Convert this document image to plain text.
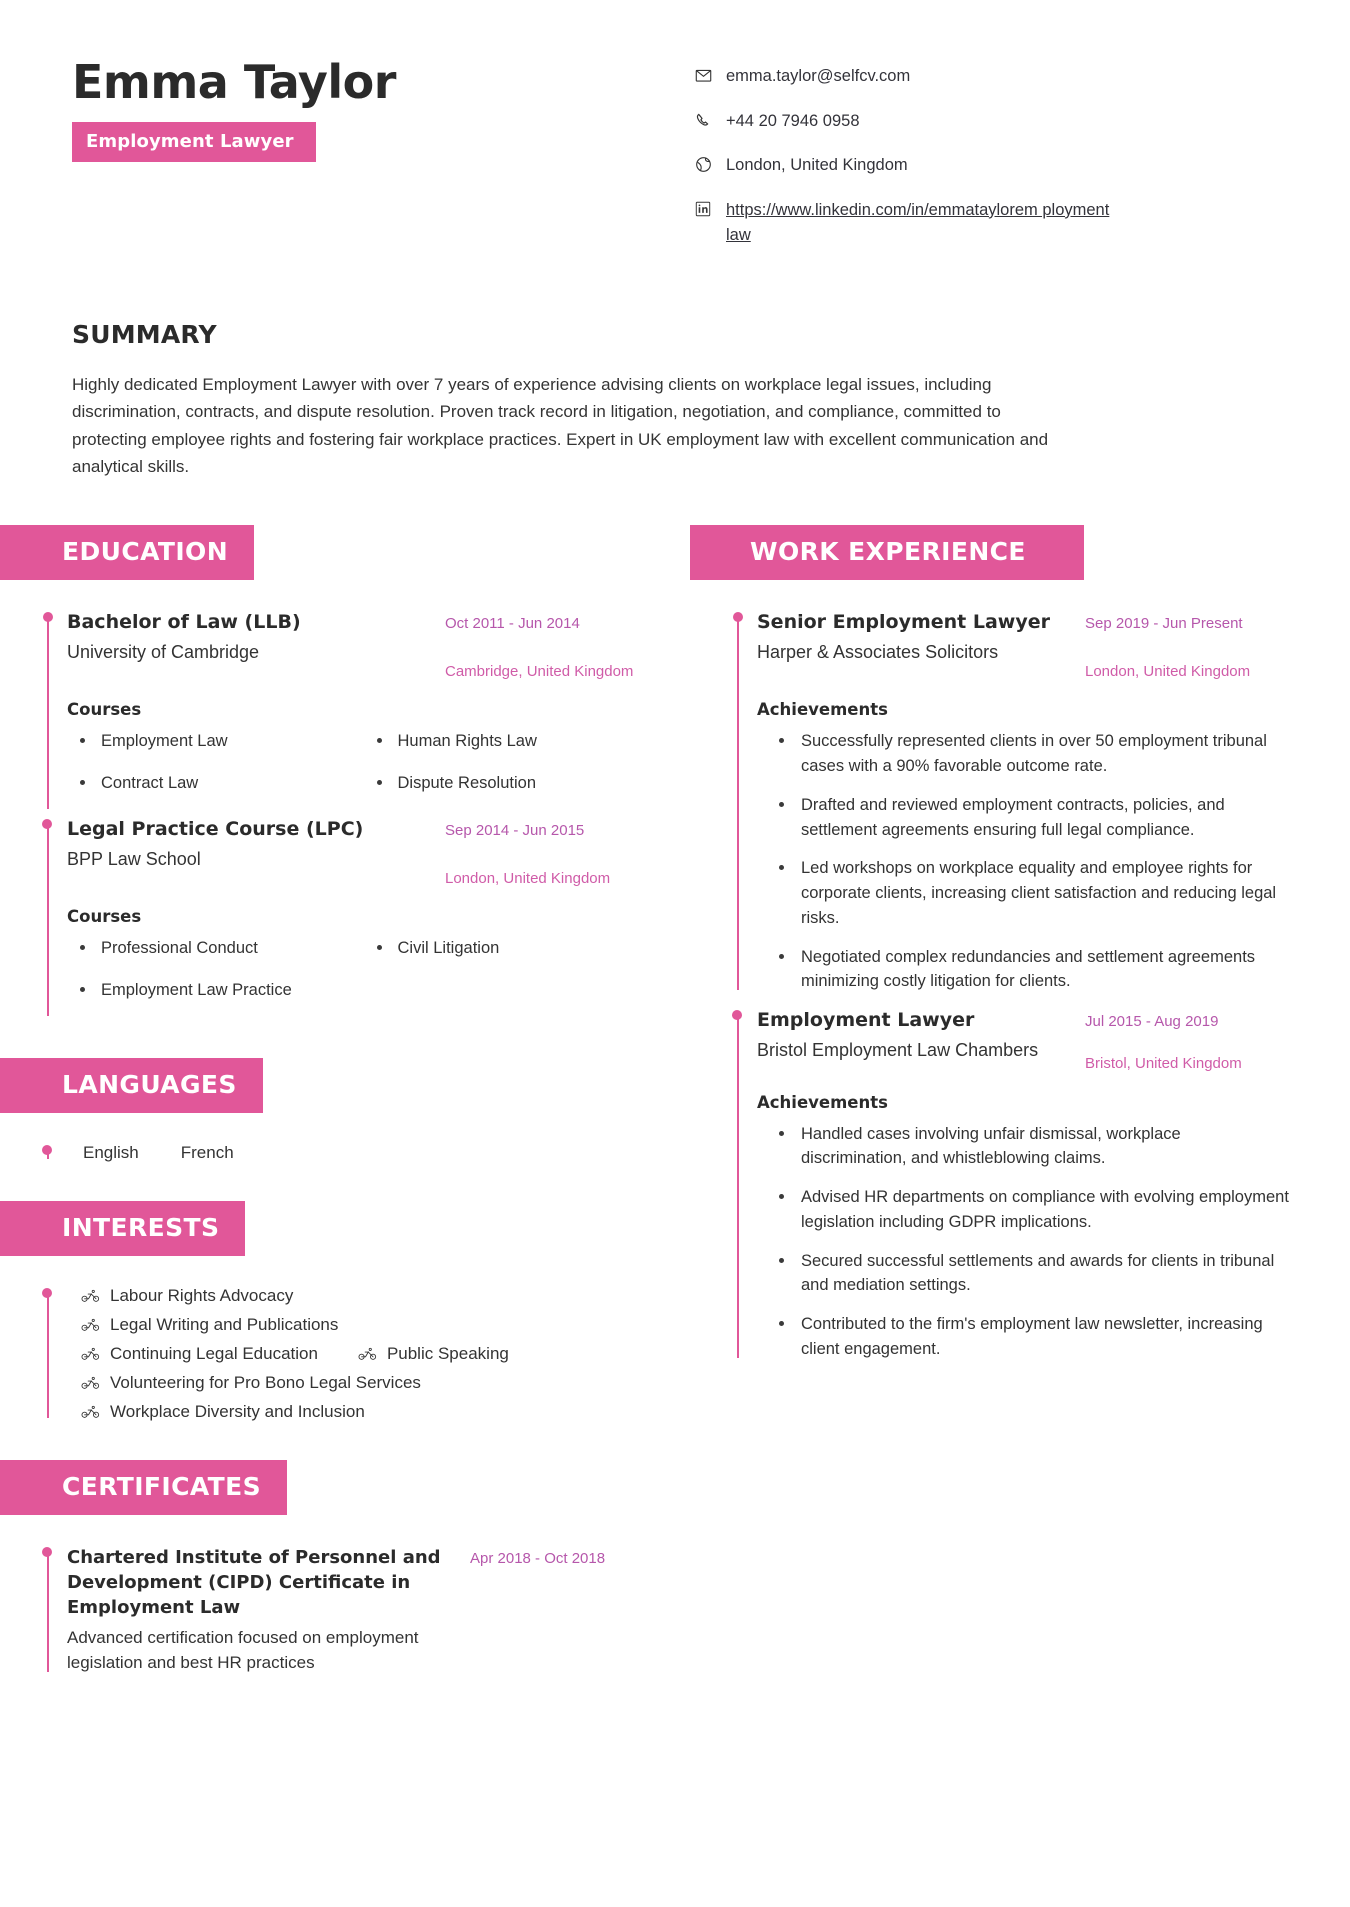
Emma Taylor
Employment Lawyer
emma.taylor@selfcv.com
+44 20 7946 0958
London, United Kingdom
https://www.linkedin.com/in/emmataylorem ploymentlaw
SUMMARY
Highly dedicated Employment Lawyer with over 7 years of experience advising clients on workplace legal issues, including discrimination, contracts, and dispute resolution. Proven track record in litigation, negotiation, and compliance, committed to protecting employee rights and fostering fair workplace practices. Expert in UK employment law with excellent communication and analytical skills.
EDUCATION
Bachelor of Law (LLB)
University of Cambridge
Oct 2011 - Jun 2014
Cambridge, United Kingdom
Courses
Employment Law	Human Rights Law
Contract Law	Dispute Resolution
Legal Practice Course (LPC)
BPP Law School
Sep 2014 - Jun 2015
London, United Kingdom
Courses
Professional Conduct	Civil Litigation
Employment Law Practice
LANGUAGES
English French
INTERESTS
Labour Rights Advocacy
Legal Writing and Publications
Continuing Legal Education	Public Speaking
Volunteering for Pro Bono Legal Services
Workplace Diversity and Inclusion
CERTIFICATES
Chartered Institute of Personnel and Development (CIPD) Certificate in Employment Law
Advanced certification focused on employment legislation and best HR practices
Apr 2018 - Oct 2018
WORK EXPERIENCE
Senior Employment Lawyer
Harper & Associates Solicitors
Sep 2019 - Jun Present
London, United Kingdom
Achievements
Successfully represented clients in over 50 employment tribunal cases with a 90% favorable outcome rate.
Drafted and reviewed employment contracts, policies, and settlement agreements ensuring full legal compliance.
Led workshops on workplace equality and employee rights for corporate clients, increasing client satisfaction and reducing legal risks.
Negotiated complex redundancies and settlement agreements minimizing costly litigation for clients.
Employment Lawyer
Bristol Employment Law Chambers
Jul 2015 - Aug 2019
Bristol, United Kingdom
Achievements
Handled cases involving unfair dismissal, workplace discrimination, and whistleblowing claims.
Advised HR departments on compliance with evolving employment legislation including GDPR implications.
Secured successful settlements and awards for clients in tribunal and mediation settings.
Contributed to the firm's employment law newsletter, increasing client engagement.
